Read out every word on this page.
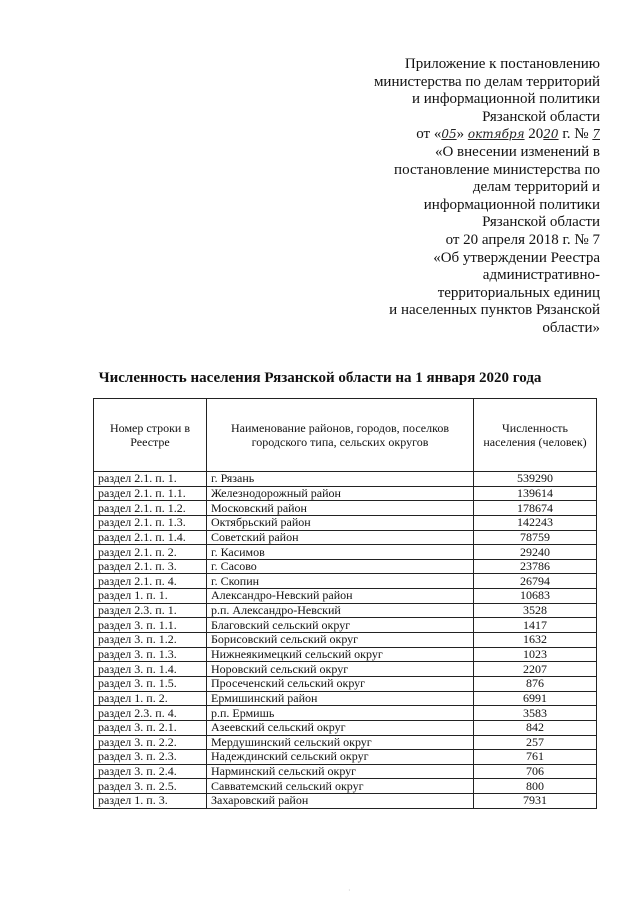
Приложение к постановлению
министерства по делам территорий
и информационной политики
Рязанской области
от «05» октября 2020 г. № 7
«О внесении изменений в
постановление министерства по
делам территорий и
информационной политики
Рязанской области
от 20 апреля 2018 г. № 7
«Об утверждении Реестра
административно-
территориальных единиц
и населенных пунктов Рязанской
области»
Численность населения Рязанской области на 1 января 2020 года
Номер строки в Реестре	Наименование районов, городов, поселков городского типа, сельских округов	Численность населения (человек)
раздел 2.1. п. 1.	г. Рязань	539290
раздел 2.1. п. 1.1.	Железнодорожный район	139614
раздел 2.1. п. 1.2.	Московский район	178674
раздел 2.1. п. 1.3.	Октябрьский район	142243
раздел 2.1. п. 1.4.	Советский район	78759
раздел 2.1. п. 2.	г. Касимов	29240
раздел 2.1. п. 3.	г. Сасово	23786
раздел 2.1. п. 4.	г. Скопин	26794
раздел 1. п. 1.	Александро-Невский район	10683
раздел 2.3. п. 1.	р.п. Александро-Невский	3528
раздел 3. п. 1.1.	Благовский сельский округ	1417
раздел 3. п. 1.2.	Борисовский сельский округ	1632
раздел 3. п. 1.3.	Нижнеякимецкий сельский округ	1023
раздел 3. п. 1.4.	Норовский сельский округ	2207
раздел 3. п. 1.5.	Просеченский сельский округ	876
раздел 1. п. 2.	Ермишинский район	6991
раздел 2.3. п. 4.	р.п. Ермишь	3583
раздел 3. п. 2.1.	Азеевский сельский округ	842
раздел 3. п. 2.2.	Мердушинский сельский округ	257
раздел 3. п. 2.3.	Надеждинский сельский округ	761
раздел 3. п. 2.4.	Нарминский сельский округ	706
раздел 3. п. 2.5.	Савватемский сельский округ	800
раздел 1. п. 3.	Захаровский район	7931
·
